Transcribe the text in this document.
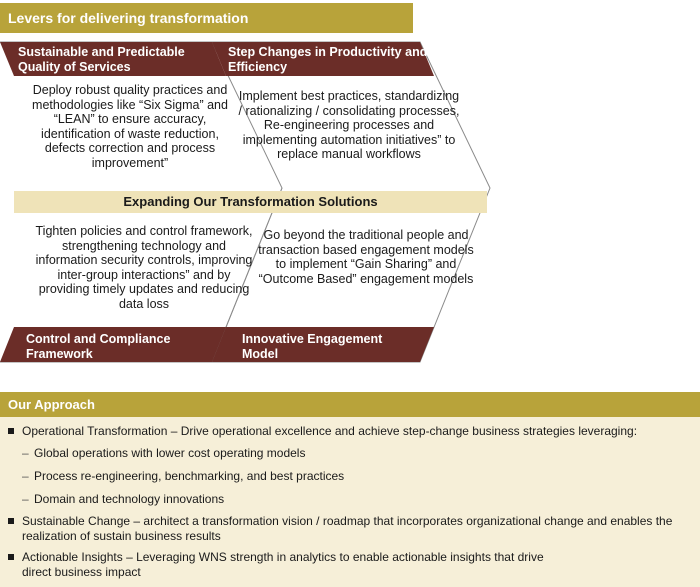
Levers for delivering transformation
Expanding Our Transformation Solutions
Sustainable and Predictable Quality of Services
Step Changes in Productivity and Efficiency
Control and Compliance Framework
Innovative Engagement Model
Deploy robust quality practices and methodologies like “Six Sigma” and “LEAN” to ensure accuracy, identification of waste reduction, defects correction and process improvement”
Implement best practices, standardizing / rationalizing / consolidating processes, Re-engineering processes and implementing automation initiatives” to replace manual workflows
Tighten policies and control framework, strengthening technology and information security controls, improving inter-group interactions” and by providing timely updates and reducing data loss
Go beyond the traditional people and transaction based engagement models to implement “Gain Sharing” and “Outcome Based” engagement models
Our Approach
Operational Transformation – Drive operational excellence and achieve step-change business strategies leveraging:
– Global operations with lower cost operating models
– Process re-engineering, benchmarking, and best practices
– Domain and technology innovations
Sustainable Change – architect a transformation vision / roadmap that incorporates organizational change and enables the realization of sustain business results
Actionable Insights – Leveraging WNS strength in analytics to enable actionable insights that drive direct business impact
